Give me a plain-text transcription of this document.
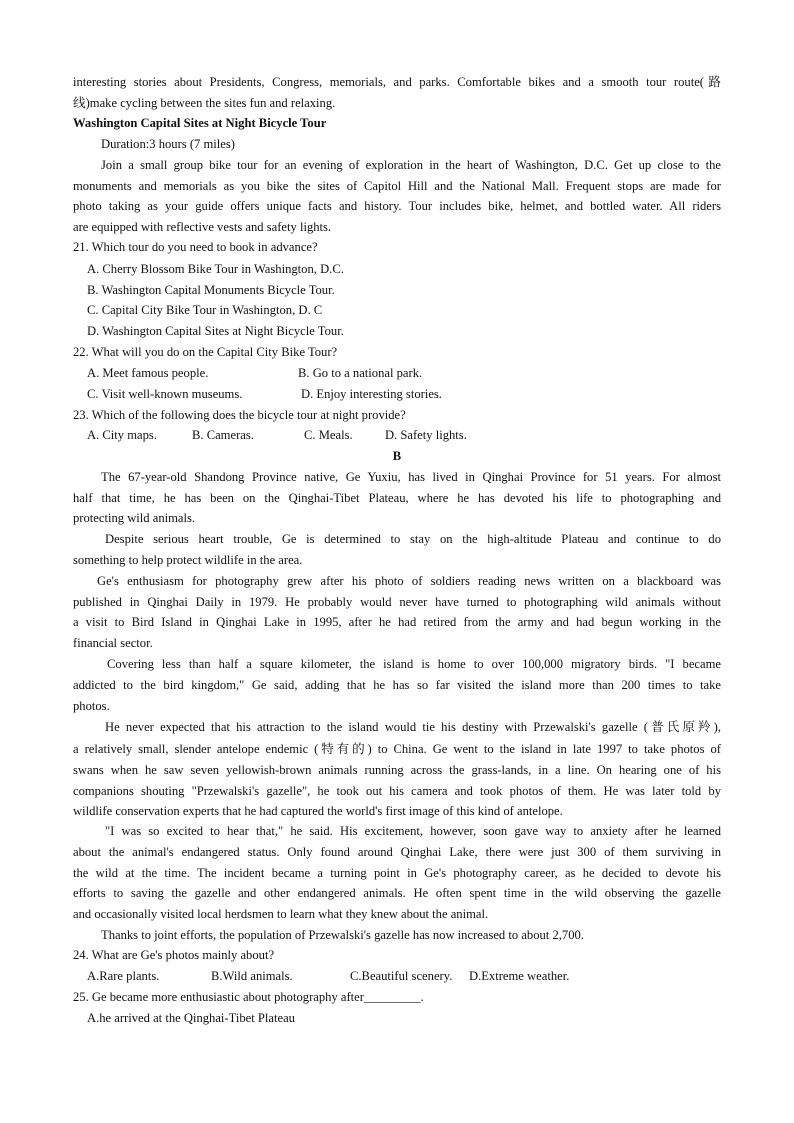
interesting stories about Presidents, Congress, memorials, and parks. Comfortable bikes and a smooth tour route(路
线)make cycling between the sites fun and relaxing.
Washington Capital Sites at Night Bicycle Tour
Duration:3 hours (7 miles)
Join a small group bike tour for an evening of exploration in the heart of Washington, D.C. Get up close to the
monuments and memorials as you bike the sites of Capitol Hill and the National Mall. Frequent stops are made for
photo taking as your guide offers unique facts and history. Tour includes bike, helmet, and bottled water. All riders
are equipped with reflective vests and safety lights.
21. Which tour do you need to book in advance?
A. Cherry Blossom Bike Tour in Washington, D.C.
B. Washington Capital Monuments Bicycle Tour.
C. Capital City Bike Tour in Washington, D. C
D. Washington Capital Sites at Night Bicycle Tour.
22. What will you do on the Capital City Bike Tour?
A. Meet famous people.	B. Go to a national park.
C. Visit well-known museums.	D. Enjoy interesting stories.
23. Which of the following does the bicycle tour at night provide?
A. City maps.	B. Cameras.	C. Meals.	D. Safety lights.
B
The 67-year-old Shandong Province native, Ge Yuxiu, has lived in Qinghai Province for 51 years. For almost
half that time, he has been on the Qinghai-Tibet Plateau, where he has devoted his life to photographing and
protecting wild animals.
Despite serious heart trouble, Ge is determined to stay on the high-altitude Plateau and continue to do
something to help protect wildlife in the area.
Ge's enthusiasm for photography grew after his photo of soldiers reading news written on a blackboard was
published in Qinghai Daily in 1979. He probably would never have turned to photographing wild animals without
a visit to Bird Island in Qinghai Lake in 1995, after he had retired from the army and had begun working in the
financial sector.
Covering less than half a square kilometer, the island is home to over 100,000 migratory birds. "I became
addicted to the bird kingdom," Ge said, adding that he has so far visited the island more than 200 times to take
photos.
He never expected that his attraction to the island would tie his destiny with Przewalski's gazelle (普氏原羚),
a relatively small, slender antelope endemic (特有的) to China. Ge went to the island in late 1997 to take photos of
swans when he saw seven yellowish-brown animals running across the grass-lands, in a line. On hearing one of his
companions shouting "Przewalski's gazelle", he took out his camera and took photos of them. He was later told by
wildlife conservation experts that he had captured the world's first image of this kind of antelope.
"I was so excited to hear that," he said. His excitement, however, soon gave way to anxiety after he learned
about the animal's endangered status. Only found around Qinghai Lake, there were just 300 of them surviving in
the wild at the time. The incident became a turning point in Ge's photography career, as he decided to devote his
efforts to saving the gazelle and other endangered animals. He often spent time in the wild observing the gazelle
and occasionally visited local herdsmen to learn what they knew about the animal.
Thanks to joint efforts, the population of Przewalski's gazelle has now increased to about 2,700.
24. What are Ge's photos mainly about?
A.Rare plants.	B.Wild animals.	C.Beautiful scenery. D.Extreme weather.
25. Ge became more enthusiastic about photography after_________.
A.he arrived at the Qinghai-Tibet Plateau
